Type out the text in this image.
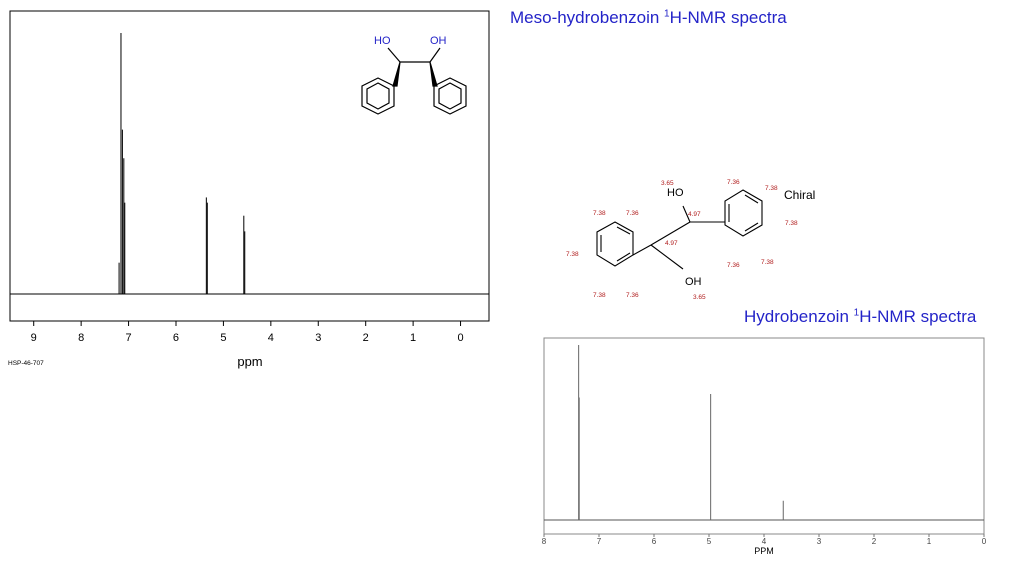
Meso-hydrobenzoin $^1$H-NMR spectra
Hydrobenzoin $^1$H-NMR spectra
9	8	7	6	5	4	3	2	1	0
ppm
HSP-46-707
HO	OH
HO
OH
Chiral
3.65
4.97
4.97
3.65
7.38	7.36
7.38
7.38	7.36
7.36
7.38
7.38
7.36	7.38
8	7	6	5	4	3	2	1	0
PPM
